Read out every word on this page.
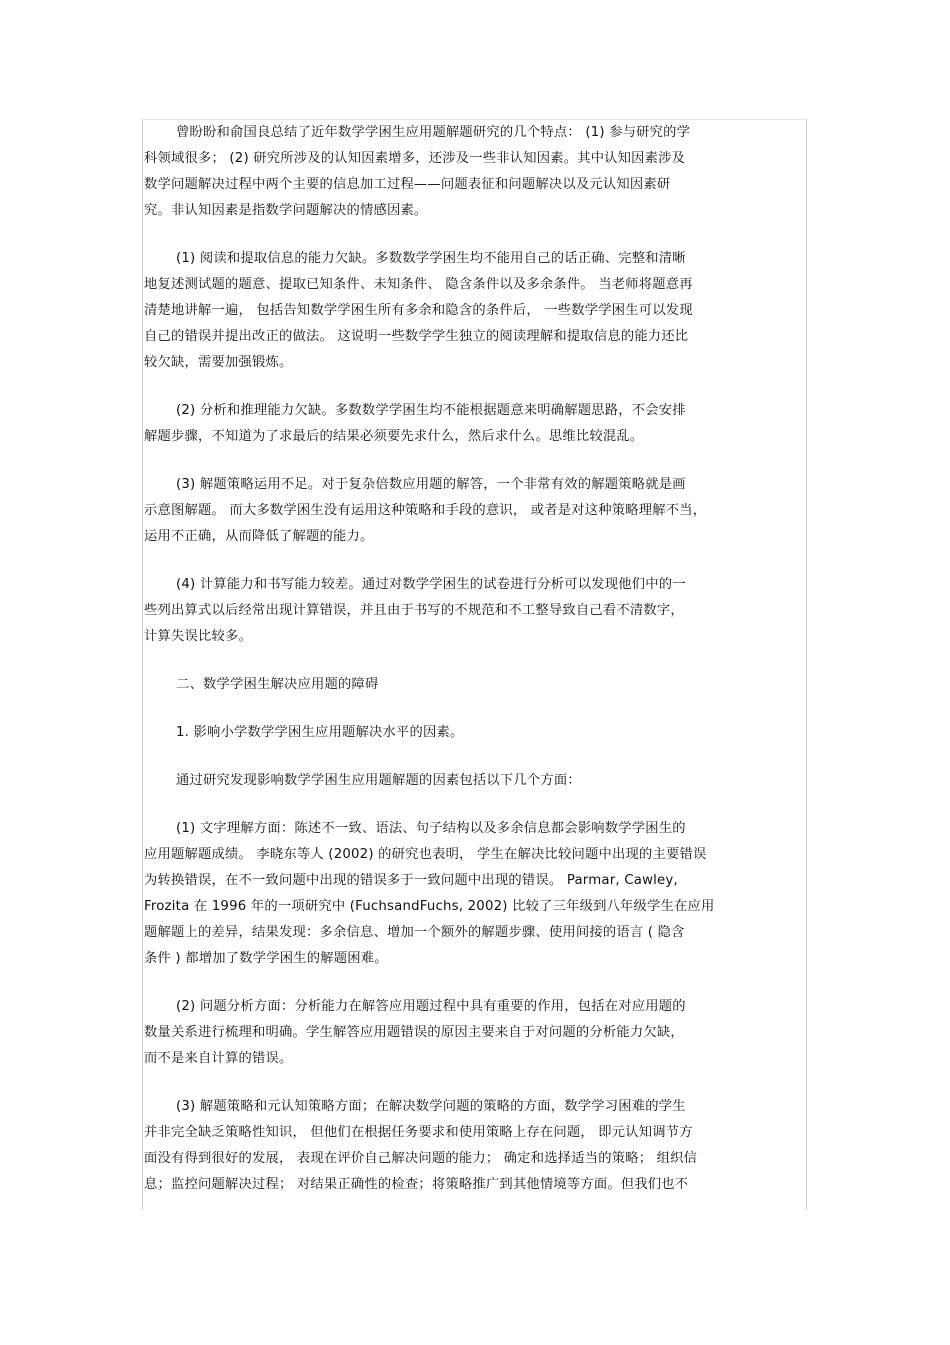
曾盼盼和俞国良总结了近年数学学困生应用题解题研究的几个特点： (1) 参与研究的学
科领域很多； (2) 研究所涉及的认知因素增多，还涉及一些非认知因素。其中认知因素涉及
数学问题解决过程中两个主要的信息加工过程——问题表征和问题解决以及元认知因素研
究。非认知因素是指数学问题解决的情感因素。

(1) 阅读和提取信息的能力欠缺。多数数学学困生均不能用自己的话正确、完整和清晰
地复述测试题的题意、提取已知条件、未知条件、 隐含条件以及多余条件。 当老师将题意再
清楚地讲解一遍， 包括告知数学学困生所有多余和隐含的条件后， 一些数学学困生可以发现
自己的错误并提出改正的做法。 这说明一些数学学生独立的阅读理解和提取信息的能力还比
较欠缺，需要加强锻炼。

(2) 分析和推理能力欠缺。多数数学学困生均不能根据题意来明确解题思路，不会安排
解题步骤，不知道为了求最后的结果必须要先求什么，然后求什么。思维比较混乱。

(3) 解题策略运用不足。对于复杂倍数应用题的解答，一个非常有效的解题策略就是画
示意图解题。 而大多数学困生没有运用这种策略和手段的意识， 或者是对这种策略理解不当，
运用不正确，从而降低了解题的能力。

(4) 计算能力和书写能力较差。通过对数学学困生的试卷进行分析可以发现他们中的一
些列出算式以后经常出现计算错误，并且由于书写的不规范和不工整导致自己看不清数字，
计算失误比较多。

二、数学学困生解决应用题的障碍

1. 影响小学数学学困生应用题解决水平的因素。

通过研究发现影响数学学困生应用题解题的因素包括以下几个方面：

(1) 文字理解方面：陈述不一致、语法、句子结构以及多余信息都会影响数学学困生的
应用题解题成绩。 李晓东等人 (2002) 的研究也表明， 学生在解决比较问题中出现的主要错误
为转换错误，在不一致问题中出现的错误多于一致问题中出现的错误。 Parmar, Cawley,
Frozita 在 1996 年的一项研究中 (FuchsandFuchs, 2002) 比较了三年级到八年级学生在应用
题解题上的差异，结果发现：多余信息、增加一个额外的解题步骤、使用间接的语言 ( 隐含
条件 ) 都增加了数学学困生的解题困难。

(2) 问题分析方面：分析能力在解答应用题过程中具有重要的作用，包括在对应用题的
数量关系进行梳理和明确。学生解答应用题错误的原因主要来自于对问题的分析能力欠缺，
而不是来自计算的错误。

(3) 解题策略和元认知策略方面；在解决数学问题的策略的方面，数学学习困难的学生
并非完全缺乏策略性知识， 但他们在根据任务要求和使用策略上存在问题， 即元认知调节方
面没有得到很好的发展， 表现在评价自己解决问题的能力； 确定和选择适当的策略； 组织信
息；监控问题解决过程； 对结果正确性的检查；将策略推广到其他情境等方面。但我们也不
